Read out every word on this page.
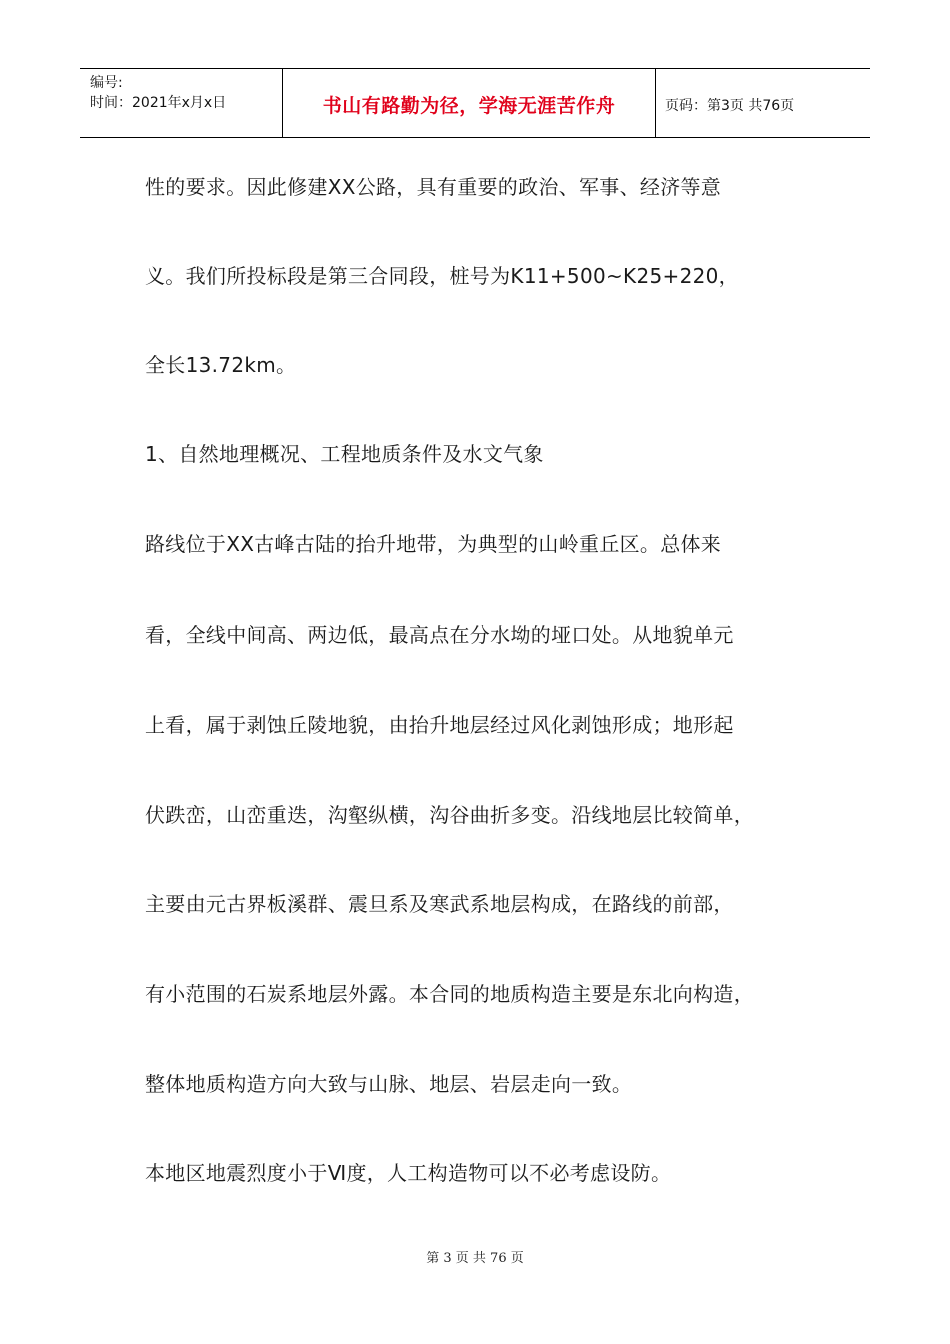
编号:
时间：2021年x月x日	书山有路勤为径，学海无涯苦作舟	页码：第3页 共76页
性的要求。因此修建XX公路，具有重要的政治、军事、经济等意
义。我们所投标段是第三合同段，桩号为K11+500~K25+220，
全长13.72km。
1、自然地理概况、工程地质条件及水文气象
路线位于XX古峰古陆的抬升地带，为典型的山岭重丘区。总体来
看，全线中间高、两边低，最高点在分水坳的垭口处。从地貌单元
上看，属于剥蚀丘陵地貌，由抬升地层经过风化剥蚀形成；地形起
伏跌峦，山峦重迭，沟壑纵横，沟谷曲折多变。沿线地层比较简单，
主要由元古界板溪群、震旦系及寒武系地层构成，在路线的前部，
有小范围的石炭系地层外露。本合同的地质构造主要是东北向构造，
整体地质构造方向大致与山脉、地层、岩层走向一致。
本地区地震烈度小于Ⅵ度，人工构造物可以不必考虑设防。
第 3 页 共 76 页
